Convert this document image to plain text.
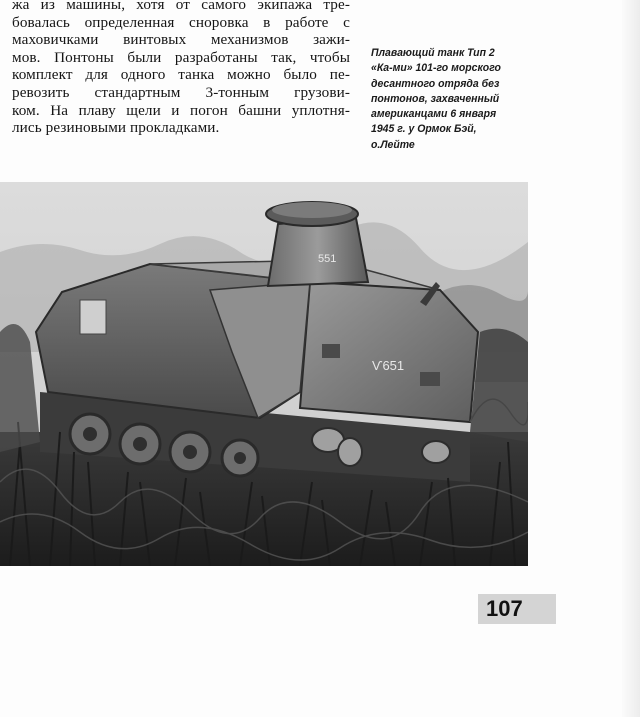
жа из машины, хотя от самого экипажа тре-
бовалась определенная сноровка в работе с
маховичками винтовых механизмов зажи-
мов. Понтоны были разработаны так, чтобы
комплект для одного танка можно было пе-
ревозить стандартным 3-тонным грузови-
ком. На плаву щели и погон башни уплотня-
лись резиновыми прокладками.
Плавающий танк Тип 2
«Ка-ми» 101-го морского
десантного отряда без
понтонов, захваченный
американцами 6 января
1945 г. у Ормок Бэй,
о.Лейте
551
Ѵ651
107
